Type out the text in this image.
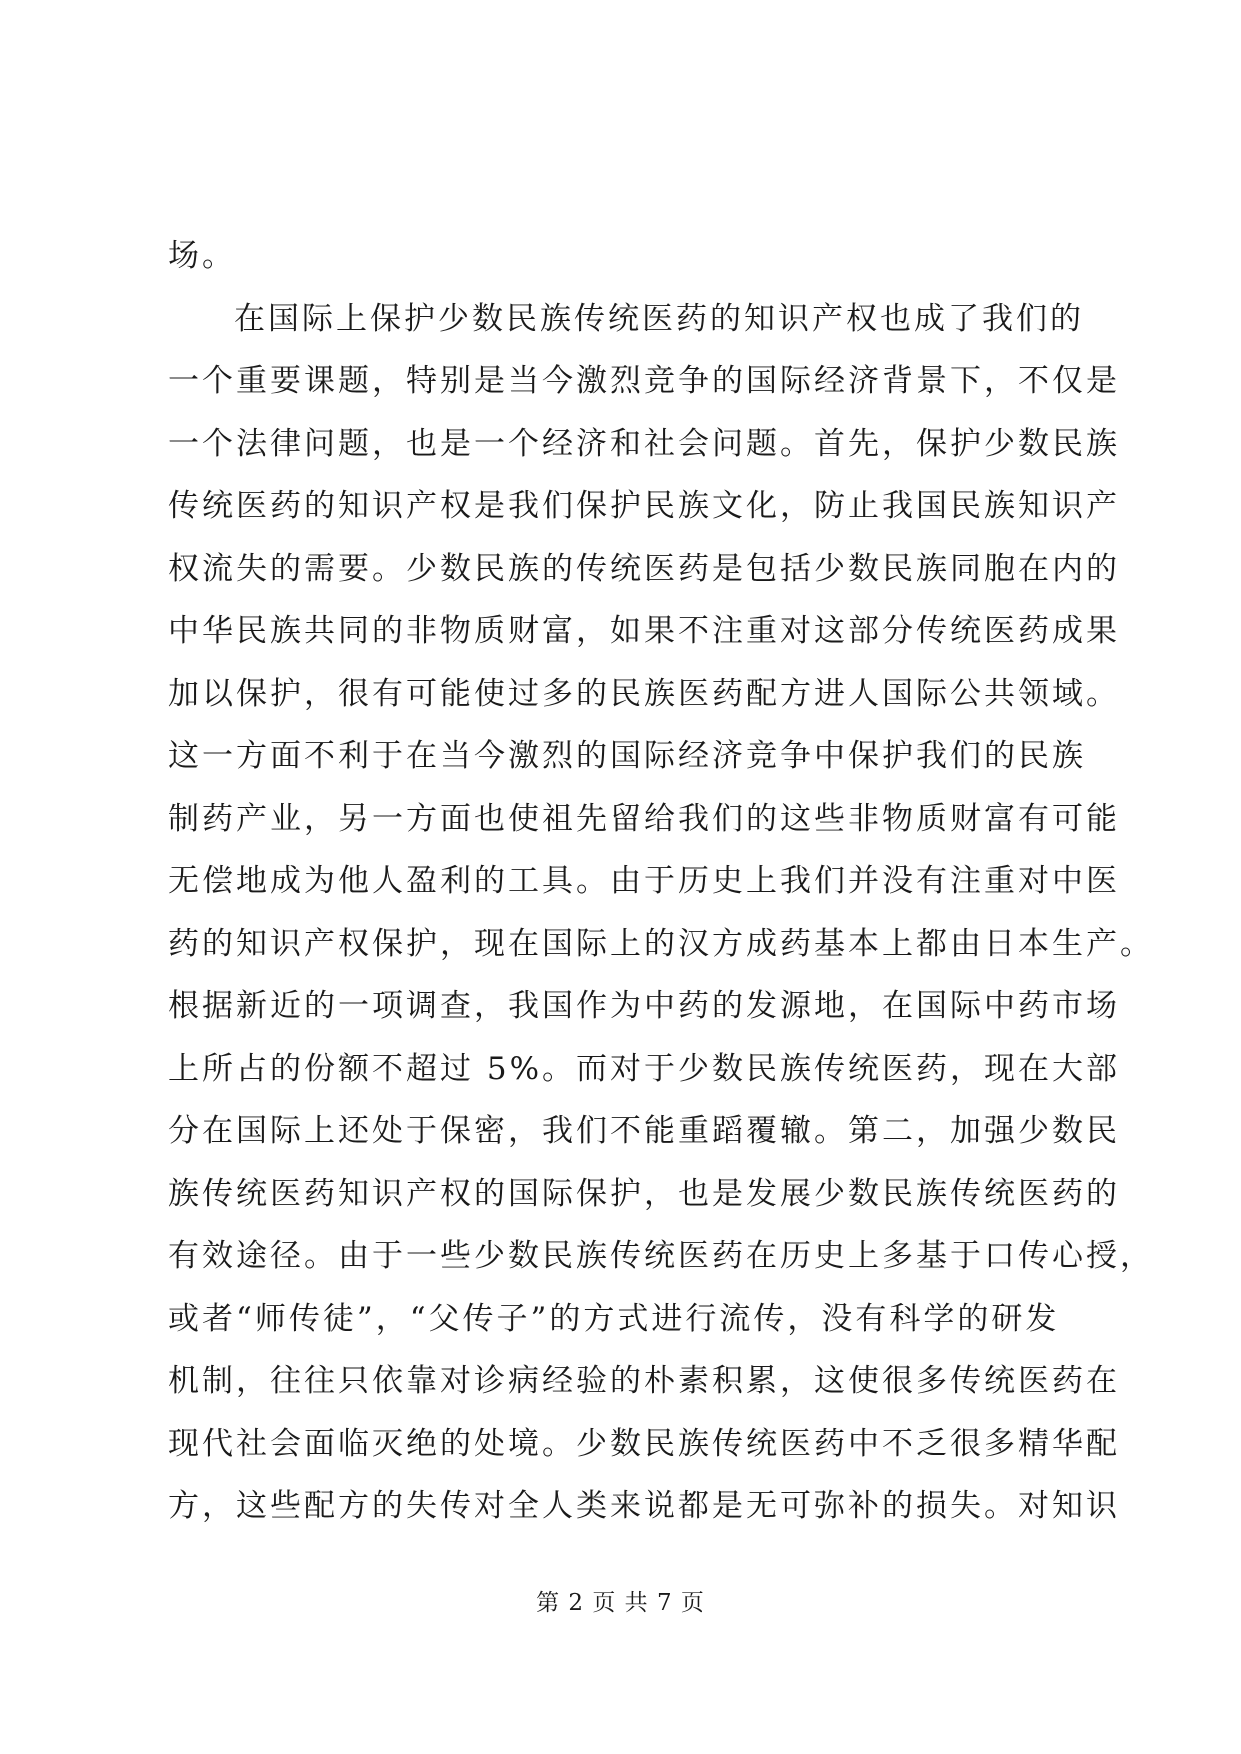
场。
在国际上保护少数民族传统医药的知识产权也成了我们的
一个重要课题，特别是当今激烈竞争的国际经济背景下，不仅是
一个法律问题，也是一个经济和社会问题。首先，保护少数民族
传统医药的知识产权是我们保护民族文化，防止我国民族知识产
权流失的需要。少数民族的传统医药是包括少数民族同胞在内的
中华民族共同的非物质财富，如果不注重对这部分传统医药成果
加以保护，很有可能使过多的民族医药配方进人国际公共领域。
这一方面不利于在当今激烈的国际经济竞争中保护我们的民族
制药产业，另一方面也使祖先留给我们的这些非物质财富有可能
无偿地成为他人盈利的工具。由于历史上我们并没有注重对中医
药的知识产权保护，现在国际上的汉方成药基本上都由日本生产。
根据新近的一项调查，我国作为中药的发源地，在国际中药市场
上所占的份额不超过 5%。而对于少数民族传统医药，现在大部
分在国际上还处于保密，我们不能重蹈覆辙。第二，加强少数民
族传统医药知识产权的国际保护，也是发展少数民族传统医药的
有效途径。由于一些少数民族传统医药在历史上多基于口传心授，
或者“师传徒”，“父传子”的方式进行流传，没有科学的研发
机制，往往只依靠对诊病经验的朴素积累，这使很多传统医药在
现代社会面临灭绝的处境。少数民族传统医药中不乏很多精华配
方，这些配方的失传对全人类来说都是无可弥补的损失。对知识
第 2 页 共 7 页
